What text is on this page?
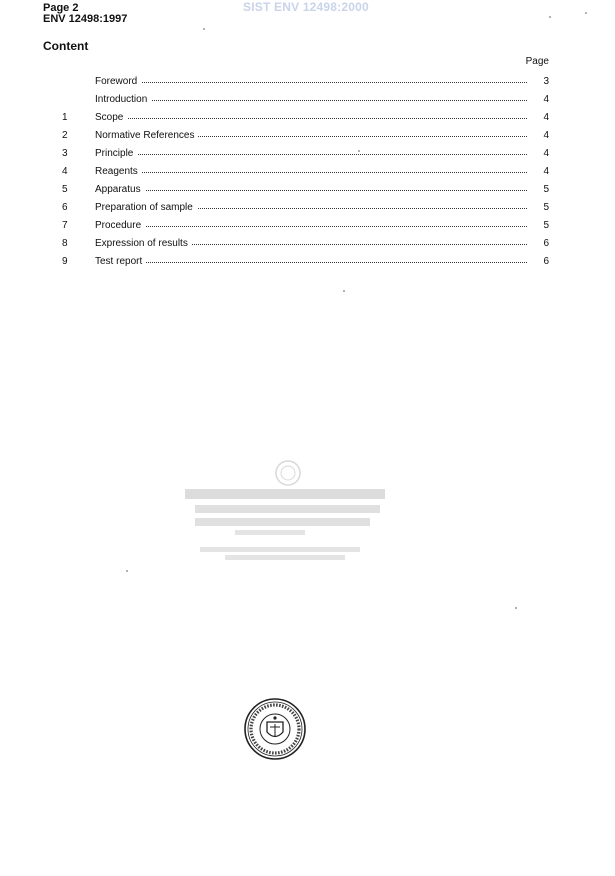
Page 2
ENV 12498:1997
SIST ENV 12498:2000
Content
Page
Foreword	3
Introduction	4
1	Scope	4
2	Normative References	4
3	Principle	4
4	Reagents	4
5	Apparatus	5
6	Preparation of sample	5
7	Procedure	5
8	Expression of results	6
9	Test report	6
